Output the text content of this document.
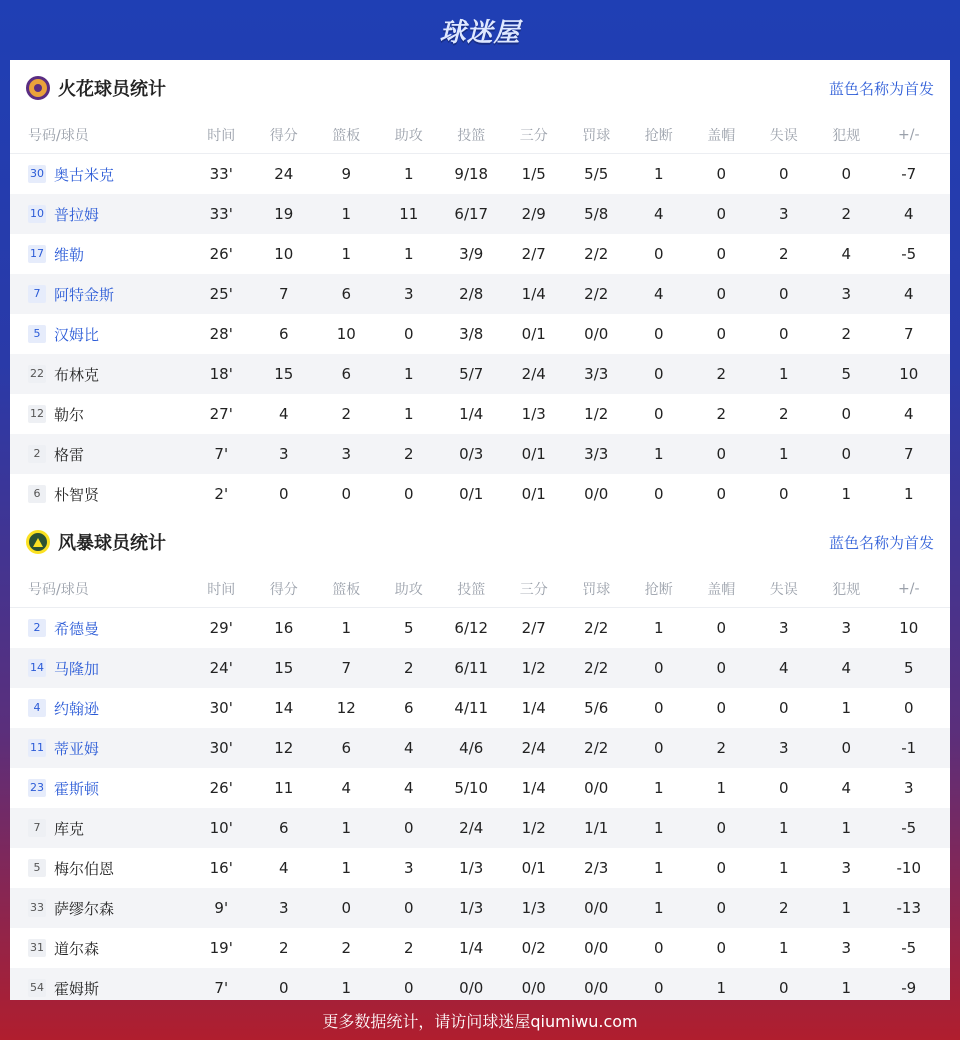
球迷屋
火花球员统计	蓝色名称为首发
号码/球员	时间	得分	篮板	助攻	投篮	三分	罚球	抢断	盖帽	失误	犯规	+/-
30 奥古米克	33'	24	9	1	9/18	1/5	5/5	1	0	0	0	-7
10 普拉姆	33'	19	1	11	6/17	2/9	5/8	4	0	3	2	4
17 维勒	26'	10	1	1	3/9	2/7	2/2	0	0	2	4	-5
7 阿特金斯	25'	7	6	3	2/8	1/4	2/2	4	0	0	3	4
5 汉姆比	28'	6	10	0	3/8	0/1	0/0	0	0	0	2	7
22 布林克	18'	15	6	1	5/7	2/4	3/3	0	2	1	5	10
12 勒尔	27'	4	2	1	1/4	1/3	1/2	0	2	2	0	4
2 格雷	7'	3	3	2	0/3	0/1	3/3	1	0	1	0	7
6 朴智贤	2'	0	0	0	0/1	0/1	0/0	0	0	0	1	1
风暴球员统计	蓝色名称为首发
号码/球员	时间	得分	篮板	助攻	投篮	三分	罚球	抢断	盖帽	失误	犯规	+/-
2 希德曼	29'	16	1	5	6/12	2/7	2/2	1	0	3	3	10
14 马隆加	24'	15	7	2	6/11	1/2	2/2	0	0	4	4	5
4 约翰逊	30'	14	12	6	4/11	1/4	5/6	0	0	0	1	0
11 蒂亚姆	30'	12	6	4	4/6	2/4	2/2	0	2	3	0	-1
23 霍斯顿	26'	11	4	4	5/10	1/4	0/0	1	1	0	4	3
7 库克	10'	6	1	0	2/4	1/2	1/1	1	0	1	1	-5
5 梅尔伯恩	16'	4	1	3	1/3	0/1	2/3	1	0	1	3	-10
33 萨缪尔森	9'	3	0	0	1/3	1/3	0/0	1	0	2	1	-13
31 道尔森	19'	2	2	2	1/4	0/2	0/0	0	0	1	3	-5
54 霍姆斯	7'	0	1	0	0/0	0/0	0/0	0	1	0	1	-9
更多数据统计，请访问球迷屋qiumiwu.com
